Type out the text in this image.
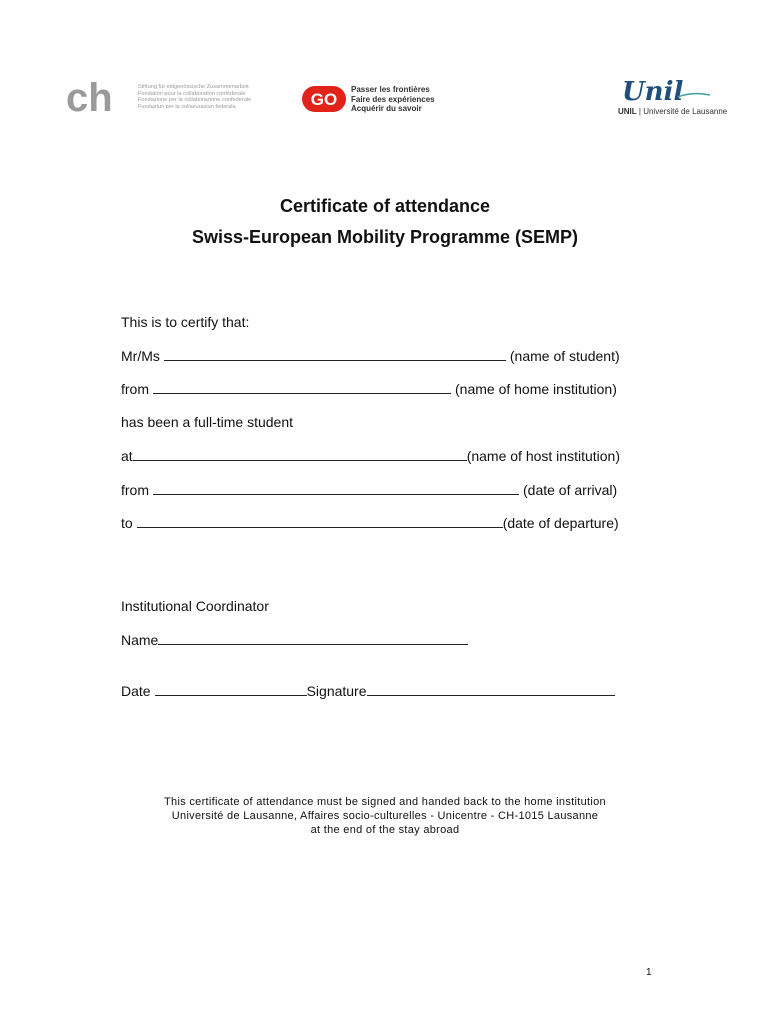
ch	Stiftung für eidgenössische Zusammenarbeit
Fondation pour la collaboration confédérale
Fondazione per la collaborazione confederale
Fundaziun per la collavuraziun federala	GO
Passer les frontières
Faire des expériences
Acquérir du savoir
Unil
UNIL | Université de Lausanne
Certificate of attendance
Swiss-European Mobility Programme (SEMP)
This is to certify that:
Mr/Ms	(name of student)
from	(name of home institution)
has been a full-time student
at	(name of host institution)
from	(date of arrival)
to	(date of departure)
Institutional Coordinator
Name
Date	Signature
This certificate of attendance must be signed and handed back to the home institution
Université de Lausanne, Affaires socio-culturelles - Unicentre - CH-1015 Lausanne
at the end of the stay abroad
1
